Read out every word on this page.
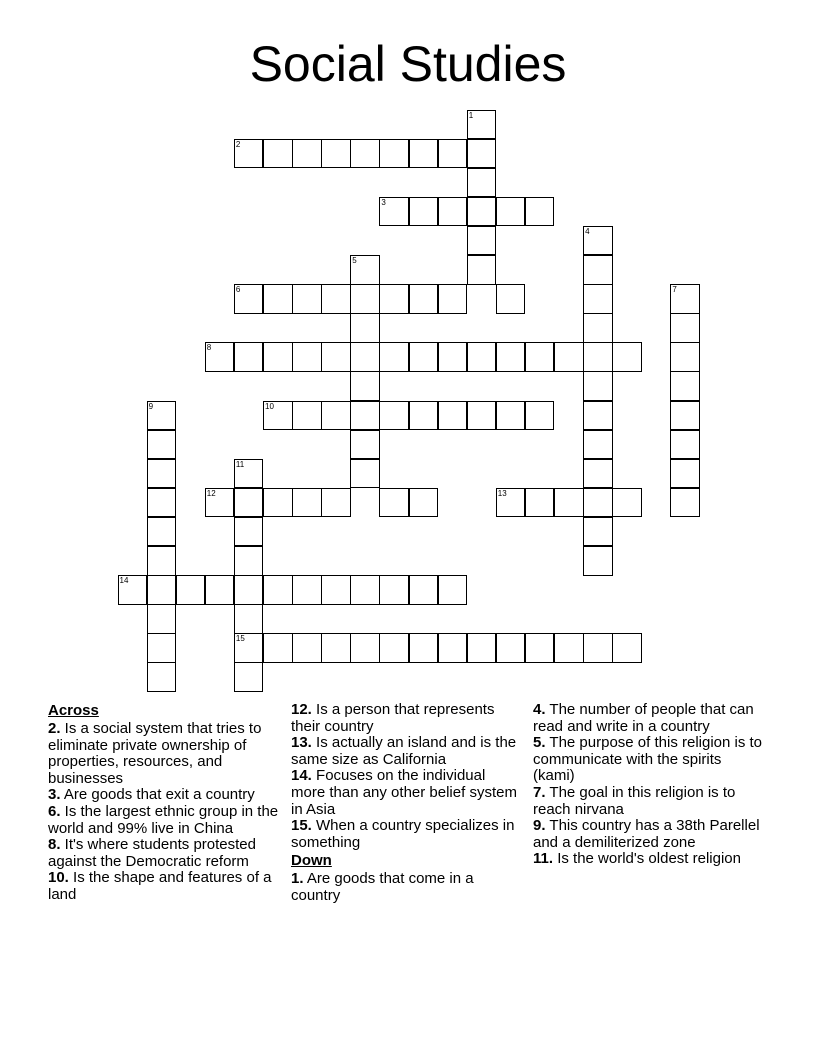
Social Studies
1
2
3
4
5
6	7
8
9	10
11
15
12	13
14
Across
2. Is a social system that tries to eliminate private ownership of properties, resources, and businesses
3. Are goods that exit a country
6. Is the largest ethnic group in the world and 99% live in China
8. It's where students protested against the Democratic reform
10. Is the shape and features of a land
12. Is a person that represents their country
13. Is actually an island and is the same size as California
14. Focuses on the individual more than any other belief system in Asia
15. When a country specializes in something
Down
1. Are goods that come in a country
4. The number of people that can read and write in a country
5. The purpose of this religion is to communicate with the spirits (kami)
7. The goal in this religion is to reach nirvana
9. This country has a 38th Parellel and a demiliterized zone
11. Is the world's oldest religion
